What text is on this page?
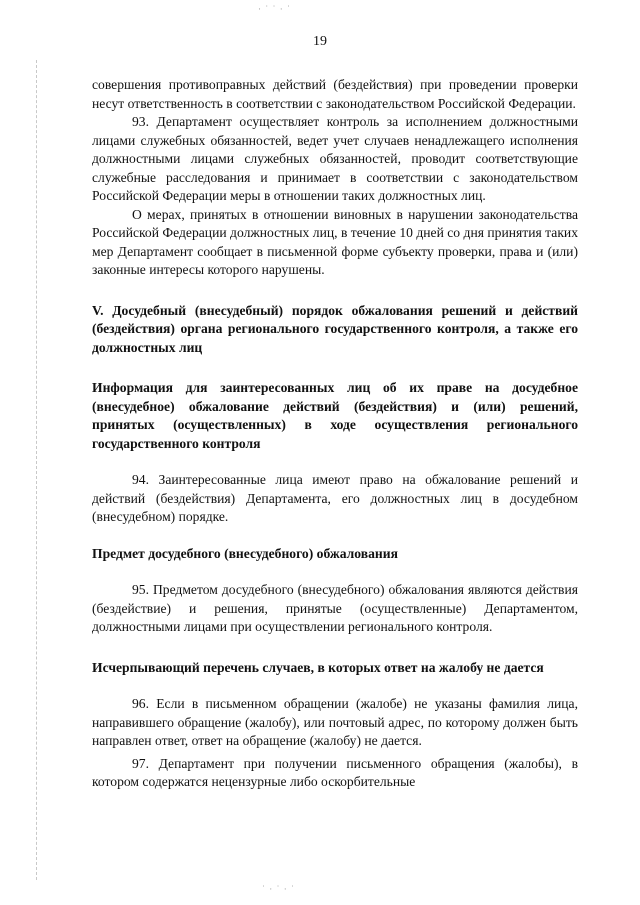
· ˙ ˙ · ˙
˙ · ˙ · ˙
19

совершения противоправных действий (бездействия) при проведении проверки несут ответственность в соответствии с законодательством Российской Федерации.

93. Департамент осуществляет контроль за исполнением должностными лицами служебных обязанностей, ведет учет случаев ненадлежащего исполнения должностными лицами служебных обязанностей, проводит соответствующие служебные расследования и принимает в соответствии с законодательством Российской Федерации меры в отношении таких должностных лиц.

О мерах, принятых в отношении виновных в нарушении законодательства Российской Федерации должностных лиц, в течение 10 дней со дня принятия таких мер Департамент сообщает в письменной форме субъекту проверки, права и (или) законные интересы которого нарушены.

V. Досудебный (внесудебный) порядок обжалования решений и действий (бездействия) органа регионального государственного контроля, а также его должностных лиц

Информация для заинтересованных лиц об их праве на досудебное (внесудебное) обжалование действий (бездействия) и (или) решений, принятых (осуществленных) в ходе осуществления регионального государственного контроля

94. Заинтересованные лица имеют право на обжалование решений и действий (бездействия) Департамента, его должностных лиц в досудебном (внесудебном) порядке.

Предмет досудебного (внесудебного) обжалования

95. Предметом досудебного (внесудебного) обжалования являются действия (бездействие) и решения, принятые (осуществленные) Департаментом, должностными лицами при осуществлении регионального контроля.

Исчерпывающий перечень случаев, в которых ответ на жалобу не дается

96. Если в письменном обращении (жалобе) не указаны фамилия лица, направившего обращение (жалобу), или почтовый адрес, по которому должен быть направлен ответ, ответ на обращение (жалобу) не дается.

97. Департамент при получении письменного обращения (жалобы), в котором содержатся нецензурные либо оскорбительные
